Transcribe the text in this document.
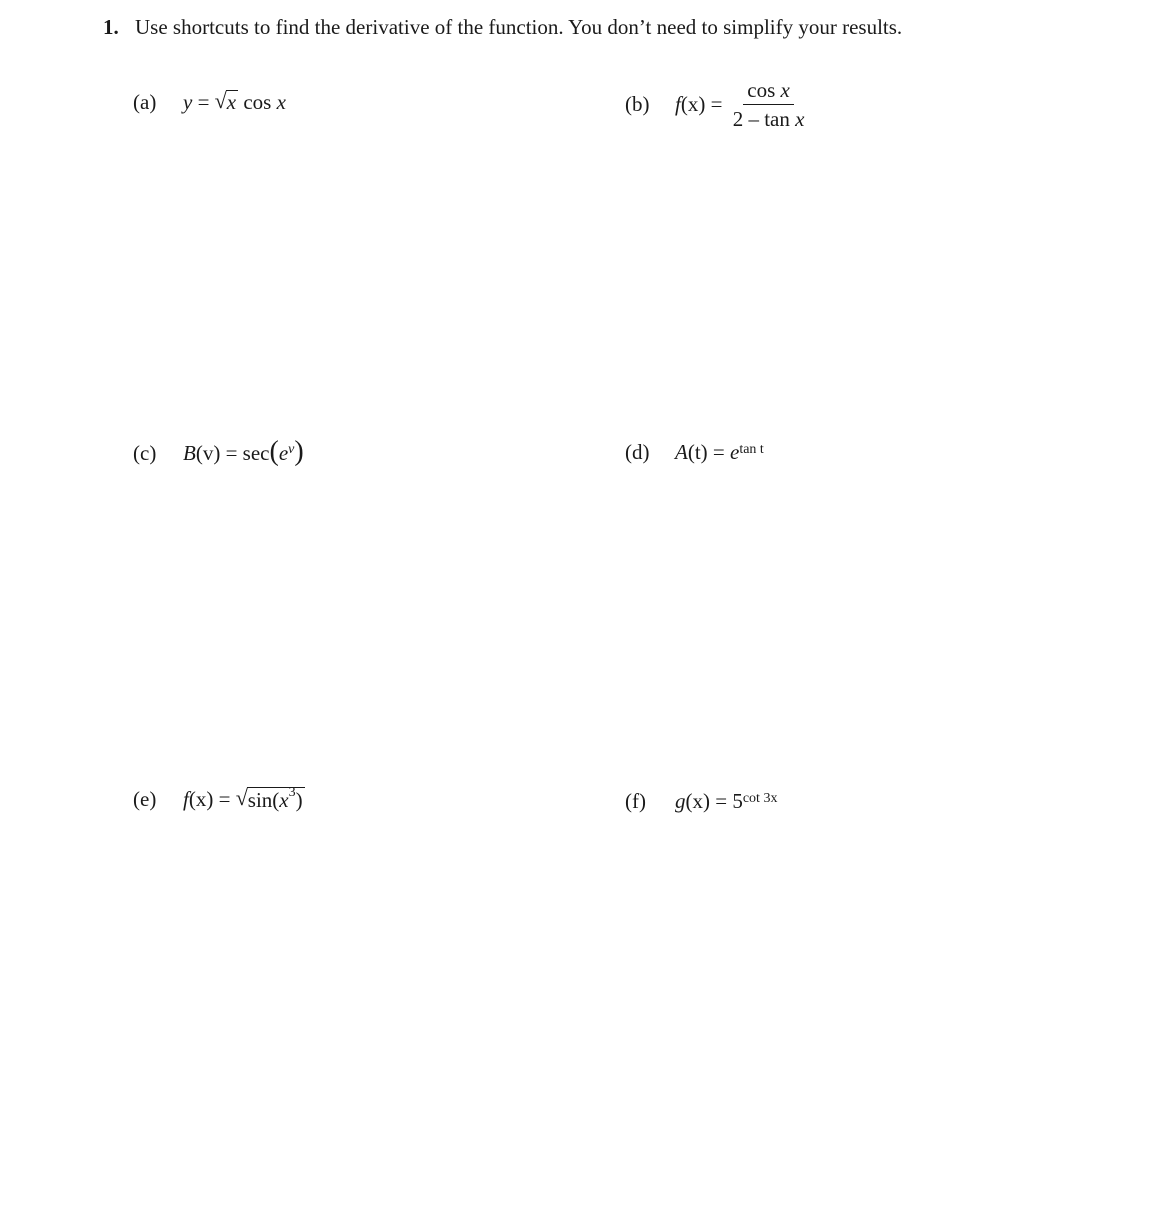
1. Use shortcuts to find the derivative of the function. You don’t need to simplify your results.
(a)	y = √ x cos x	(b)	f $(x) = \frac{\text{cos x}}{\text{2 – tan x}}$
(c)	B (v) = sec ( $e^v$ )	(d)	A $(t) = e^{tan t}$
(e)	f (x) = √ $\sin(x^3)$	(f)	g $(x) = 5^{cot 3x}$
